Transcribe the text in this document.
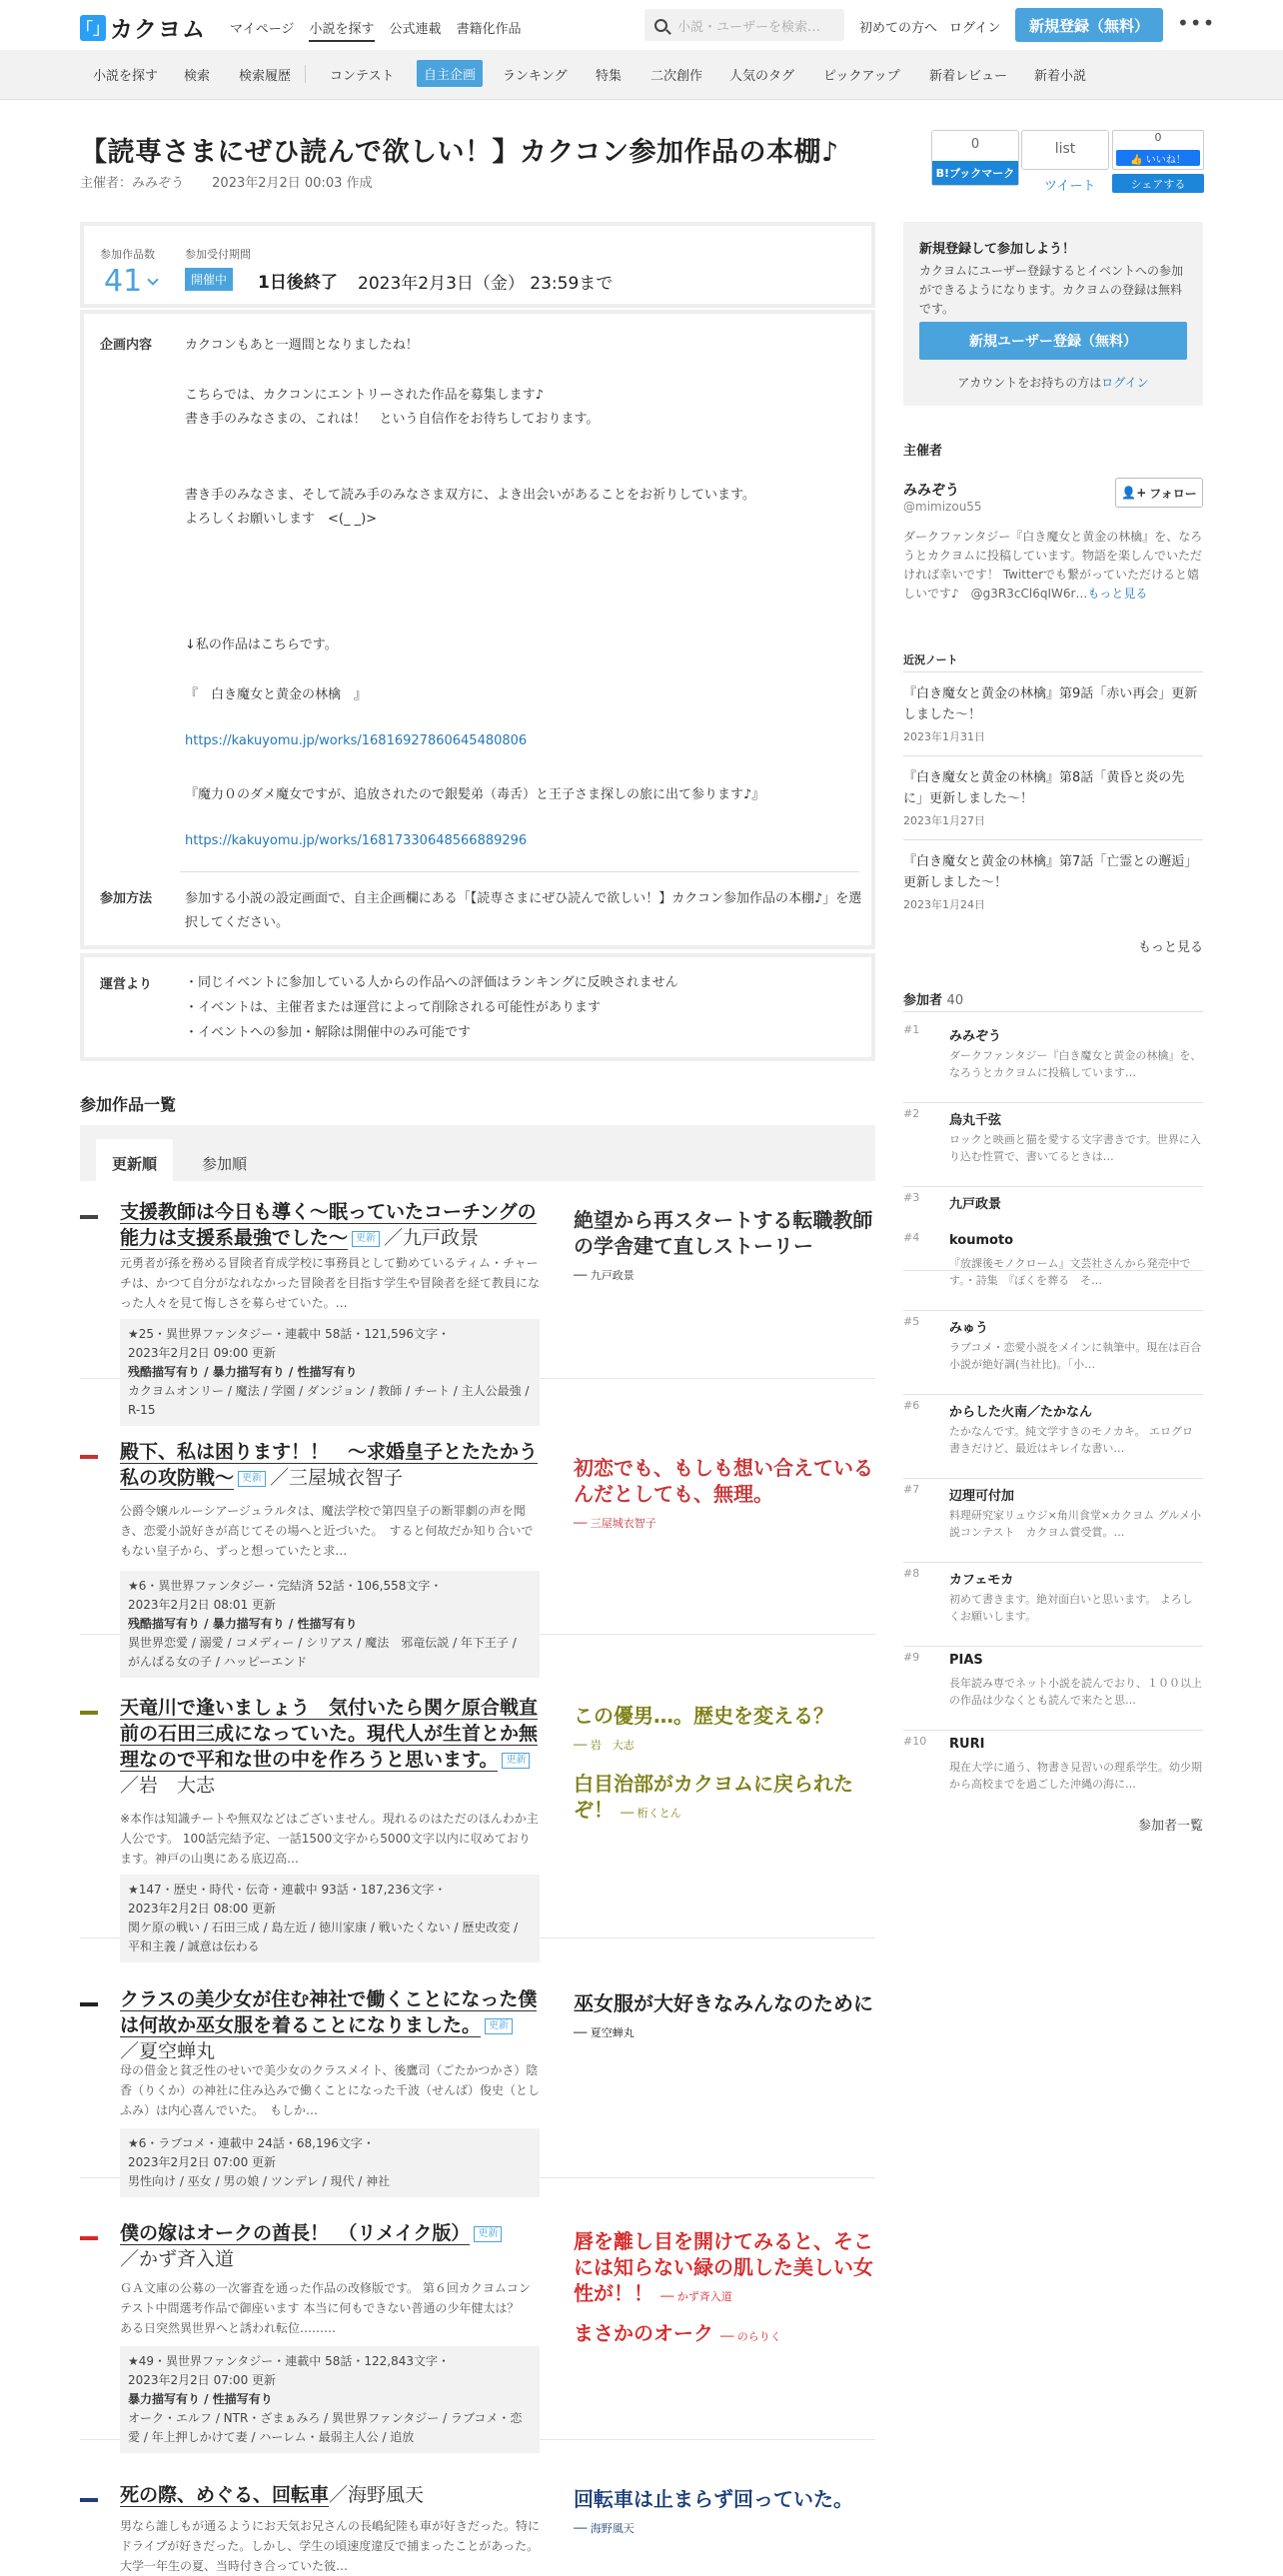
「」 カクヨム マイページ 小説を探す 公式連載 書籍化作品	小説・ユーザーを検索…	初めての方へ ログイン	新規登録（無料）	•••
小説を探す 検索 検索履歴	コンテスト	自主企画	ランキング 特集 二次創作 人気のタグ ピックアップ 新着レビュー 新着小説
【読専さまにぜひ読んで欲しい！】カクコン参加作品の本棚♪
主催者：みみぞう 2023年2月2日 00:03 作成
参加作品数
41
参加受付期間
開催中	1日後終了 2023年2月3日（金） 23:59まで
企画内容	カクコンもあと一週間となりましたね！
こちらでは、カクコンにエントリーされた作品を募集します♪
書き手のみなさまの、これは！　という自信作をお待ちしております。
書き手のみなさま、そして読み手のみなさま双方に、よき出会いがあることをお祈りしています。
よろしくお願いします　<(_ _)>
↓私の作品はこちらです。
『　白き魔女と黄金の林檎　』
https://kakuyomu.jp/works/16816927860645480806
『魔力０のダメ魔女ですが、追放されたので銀髪弟（毒舌）と王子さま探しの旅に出て参ります♪』
https://kakuyomu.jp/works/16817330648566889296
参加方法	参加する小説の設定画面で、自主企画欄にある「【読専さまにぜひ読んで欲しい！】カクコン参加作品の本棚♪」を選択してください。
運営より	・同じイベントに参加している人からの作品への評価はランキングに反映されません
・イベントは、主催者または運営によって削除される可能性があります
・イベントへの参加・解除は開催中のみ可能です
参加作品一覧
更新順	参加順
支援教師は今日も導く～眠っていたコーチングの能力は支援系最強でした～ 更新 ／九戸政景
元勇者が孫を務める冒険者育成学校に事務員として勤めているティム・チャーチは、かつて自分がなれなかった冒険者を目指す学生や冒険者を経て教員になった人々を見て悔しさを募らせていた。…
★25・異世界ファンタジー・連載中 58話・121,596文字・
2023年2月2日 09:00 更新
残酷描写有り / 暴力描写有り / 性描写有り
カクヨムオンリー / 魔法 / 学園 / ダンジョン / 教師 / チート / 主人公最強 / R-15
絶望から再スタートする転職教師の学舎建て直しストーリー
── 九戸政景
殿下、私は困ります！！　〜求婚皇子とたたかう私の攻防戦〜 更新 ／三屋城衣智子
公爵令嬢ルルーシアージュラルタは、魔法学校で第四皇子の断罪劇の声を聞き、恋愛小説好きが高じてその場へと近づいた。　すると何故だか知り合いでもない皇子から、ずっと想っていたと求…
★6・異世界ファンタジー・完結済 52話・106,558文字・
2023年2月2日 08:01 更新
残酷描写有り / 暴力描写有り / 性描写有り
異世界恋愛 / 溺愛 / コメディー / シリアス / 魔法　邪竜伝説 / 年下王子 / がんばる女の子 / ハッピーエンド
初恋でも、もしも想い合えているんだとしても、無理。
── 三屋城衣智子
天竜川で逢いましょう　気付いたら関ケ原合戦直前の石田三成になっていた。現代人が生首とか無理なので平和な世の中を作ろうと思います。 更新
／岩　大志
※本作は知識チートや無双などはございません。現れるのはただのほんわか主人公です。 100話完結予定、一話1500文字から5000文字以内に収めております。神戸の山奥にある底辺高…
★147・歴史・時代・伝奇・連載中 93話・187,236文字・
2023年2月2日 08:00 更新
関ケ原の戦い / 石田三成 / 島左近 / 徳川家康 / 戦いたくない / 歴史改変 / 平和主義 / 誠意は伝わる
この優男…。歴史を変える？
── 岩　大志
白目治部がカクヨムに戻られたぞ！ ── 桁くとん
クラスの美少女が住む神社で働くことになった僕は何故か巫女服を着ることになりました。 更新
／夏空蝉丸
母の借金と貧乏性のせいで美少女のクラスメイト、後鷹司（ごたかつかさ）陰香（りくか）の神社に住み込みで働くことになった千波（せんば）俊史（としふみ）は内心喜んでいた。　もしか…
★6・ラブコメ・連載中 24話・68,196文字・
2023年2月2日 07:00 更新
男性向け / 巫女 / 男の娘 / ツンデレ / 現代 / 神社
巫女服が大好きなみんなのために ── 夏空蝉丸
僕の嫁はオークの酋長！　（リメイク版） 更新
／かず斉入道
ＧＡ文庫の公募の一次審査を通った作品の改修版です。 第６回カクヨムコンテスト中間選考作品で御座います 本当に何もできない普通の少年健太は？　ある日突然異世界へと誘われ転位………
★49・異世界ファンタジー・連載中 58話・122,843文字・
2023年2月2日 07:00 更新
暴力描写有り / 性描写有り
オーク・エルフ / NTR・ざまぁみろ / 異世界ファンタジー / ラブコメ・恋愛 / 年上押しかけて妻 / ハーレム・最弱主人公 / 追放
唇を離し目を開けてみると、そこには知らない緑の肌した美しい女性が！！ ── かず斉入道
まさかのオーク ── のらりく
死の際、めぐる、回転車／海野風天
男なら誰しもが通るようにお天気お兄さんの長嶋紀陸も車が好きだった。特にドライブが好きだった。しかし、学生の頃速度違反で捕まったことがあった。大学一年生の夏、当時付き合っていた彼…
回転車は止まらず回っていた。
── 海野風天
0
B!ブックマーク
list
ツイート
0
👍 いいね！
シェアする
新規登録して参加しよう！
カクヨムにユーザー登録するとイベントへの参加ができるようになります。カクヨムの登録は無料です。
新規ユーザー登録（無料）
アカウントをお持ちの方はログイン
主催者
みみぞう
@mimizou55
👤+ フォロー
ダークファンタジー『白き魔女と黄金の林檎』を、なろうとカクヨムに投稿しています。物語を楽しんでいただければ幸いです！ Twitterでも繋がっていただけると嬉しいです♪　@g3R3cCl6qIW6r…もっと見る
近況ノート
『白き魔女と黄金の林檎』第9話「赤い再会」更新しました～！
2023年1月31日
『白き魔女と黄金の林檎』第8話「黄昏と炎の先に」更新しました～！
2023年1月27日
『白き魔女と黄金の林檎』第7話「亡霊との邂逅」更新しました～！
2023年1月24日
もっと見る
参加者 40
#1 みみぞう
ダークファンタジー『白き魔女と黄金の林檎』を、なろうとカクヨムに投稿しています…
#2 烏丸千弦
ロックと映画と猫を愛する文字書きです。世界に入り込む性質で、書いてるときは…
#3 九戸政景
#4 koumoto
『放課後モノクローム』文芸社さんから発売中です。・詩集　『ぼくを葬る　そ…
#5 みゅう
ラブコメ・恋愛小説をメインに執筆中。現在は百合小説が絶好調(当社比)。「小…
#6 からした火南／たかなん
たかなんです。純文学すきのモノカキ。 エログロ書きだけど、最近はキレイな書い…
#7 辺理可付加
料理研究家リュウジ×角川食堂×カクヨム グルメ小説コンテスト　カクヨム賞受賞。…
#8 カフェモカ
初めて書きます。絶対面白いと思います。 よろしくお願いします。
#9 PIAS
長年読み専でネット小説を読んでおり、１００以上の作品は少なくとも読んで来たと思…
#10 RURI
現在大学に通う、物書き見習いの理系学生。幼少期から高校までを過ごした沖縄の海に…
参加者一覧
